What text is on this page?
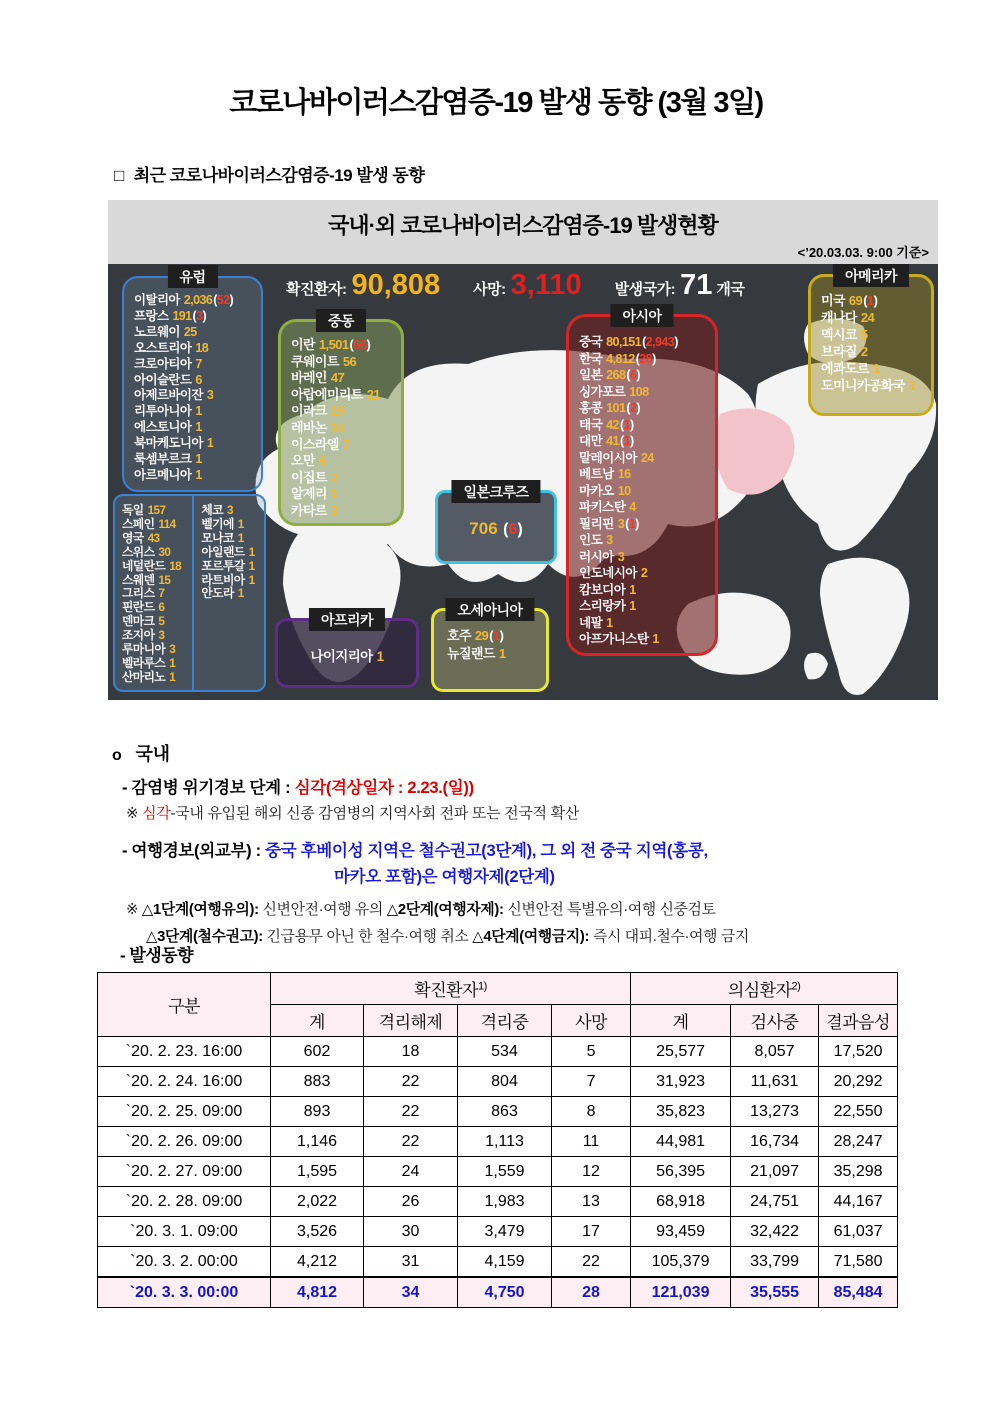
코로나바이러스감염증-19 발생 동향 (3월 3일)
□ 최근 코로나바이러스감염증-19 발생 동향
국내·외 코로나바이러스감염증-19 발생현황
<’20.03.03. 9:00 기준>
확진환자: 90,808 사망: 3,110 발생국가: 71 개국
유럽
이탈리아 2,036 ( 52 )
프랑스 191 ( 3 )
노르웨이 25
오스트리아 18
크로아티아 7
아이슬란드 6
아제르바이잔 3
리투아니아 1
에스토니아 1
북마케도니아 1
룩셈부르크 1
아르메니아 1
독일 157
스페인 114
영국 43
스위스 30
네덜란드 18
스웨덴 15
그리스 7
핀란드 6
덴마크 5
조지아 3
루마니아 3
벨라루스 1
산마리노 1
체코 3
벨기에 1
모나코 1
아일랜드 1
포르투갈 1
라트비아 1
안도라 1
중동
이란 1,501 ( 66 )
쿠웨이트 56
바레인 47
아랍에미리트 21
이라크 19
레바논 10
이스라엘 7
오만 6
이집트 2
알제리 1
카타르 3
아시아
중국 80,151 ( 2,943 )
한국 4,812 ( 28 )
일본 268 ( 6 )
싱가포르 108
홍콩 101 ( 2 )
태국 42 ( 1 )
대만 41 ( 1 )
말레이시아 24
베트남 16
마카오 10
파키스탄 4
필리핀 3 ( 1 )
인도 3
러시아 3
인도네시아 2
캄보디아 1
스리랑카 1
네팔 1
아프가니스탄 1
아메리카
미국 69 ( 1 )
캐나다 24
멕시코 5
브라질 2
에콰도르 1
도미니카공화국 1
일본크루즈
706 ( 6 )
아프리카
나이지리아 1
오세아니아
호주 29 ( 1 )
뉴질랜드 1
o 국내
- 감염병 위기경보 단계 : 심각(격상일자 : 2.23.(일))
※ 심각-국내 유입된 해외 신종 감염병의 지역사회 전파 또는 전국적 확산
- 여행경보(외교부) : 중국 후베이성 지역은 철수권고(3단계), 그 외 전 중국 지역(홍콩,
마카오 포함)은 여행자제(2단계)
※ △1단계(여행유의): 신변안전·여행 유의 △2단계(여행자제): 신변안전 특별유의·여행 신중검토
△3단계(철수권고): 긴급용무 아닌 한 철수·여행 취소 △4단계(여행금지): 즉시 대피.철수·여행 금지
- 발생동향
구분	확진환자$^{1)}$				의심환자$^{2)}$
	계	격리해제	격리중	사망	계	검사중	결과음성
`20. 2. 23. 16:00	602	18	534	5	25,577	8,057	17,520
`20. 2. 24. 16:00	883	22	804	7	31,923	11,631	20,292
`20. 2. 25. 09:00	893	22	863	8	35,823	13,273	22,550
`20. 2. 26. 09:00	1,146	22	1,113	11	44,981	16,734	28,247
`20. 2. 27. 09:00	1,595	24	1,559	12	56,395	21,097	35,298
`20. 2. 28. 09:00	2,022	26	1,983	13	68,918	24,751	44,167
`20. 3. 1. 09:00	3,526	30	3,479	17	93,459	32,422	61,037
`20. 3. 2. 00:00	4,212	31	4,159	22	105,379	33,799	71,580
`20. 3. 3. 00:00	4,812	34	4,750	28	121,039	35,555	85,484
